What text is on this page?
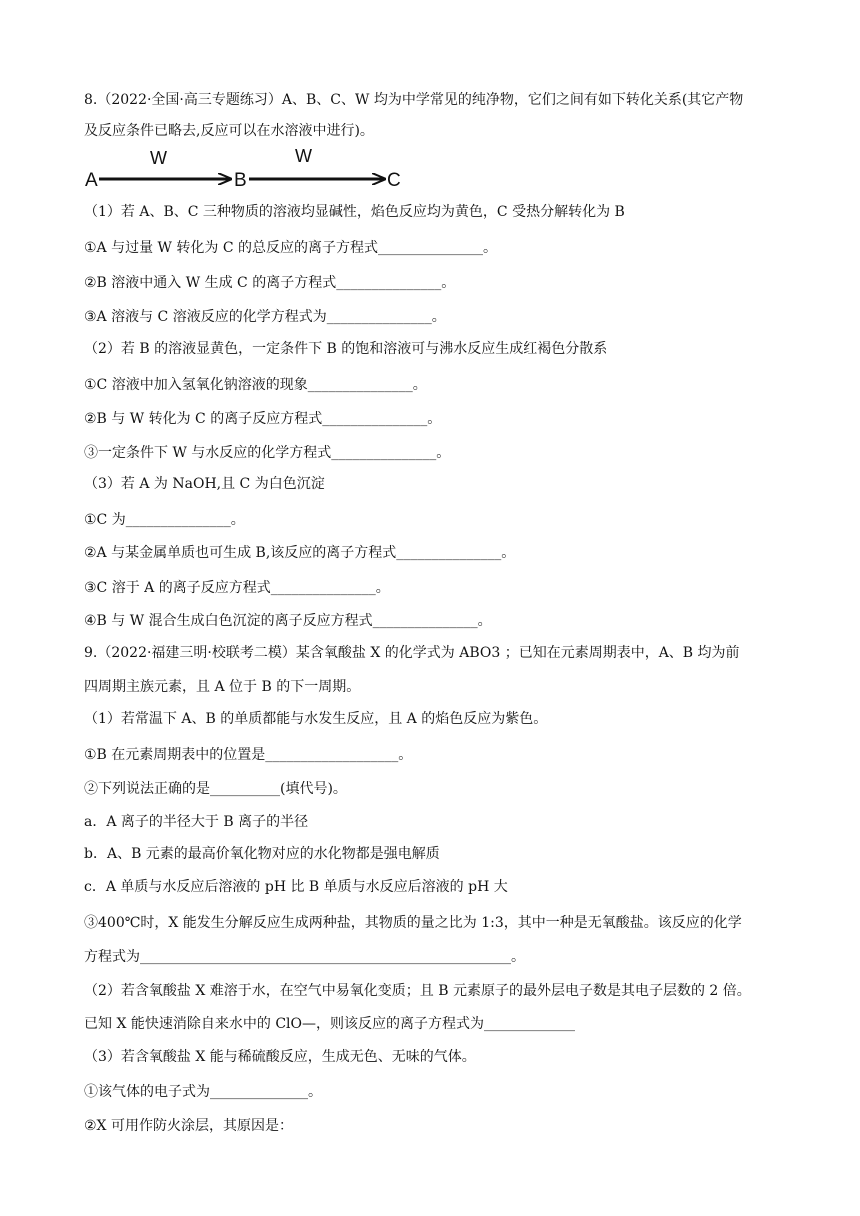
8.（2022·全国·高三专题练习）A、B、C、W 均为中学常见的纯净物，它们之间有如下转化关系(其它产物
及反应条件已略去,反应可以在水溶液中进行)。
A
W
B
W
C
（1）若 A、B、C 三种物质的溶液均显碱性，焰色反应均为黄色，C 受热分解转化为 B
①A 与过量 W 转化为 C 的总反应的离子方程式_______________。
②B 溶液中通入 W 生成 C 的离子方程式_______________。
③A 溶液与 C 溶液反应的化学方程式为_______________。
（2）若 B 的溶液显黄色，一定条件下 B 的饱和溶液可与沸水反应生成红褐色分散系
①C 溶液中加入氢氧化钠溶液的现象_______________。
②B 与 W 转化为 C 的离子反应方程式_______________。
③一定条件下 W 与水反应的化学方程式_______________。
（3）若 A 为 NaOH,且 C 为白色沉淀
①C 为_______________。
②A 与某金属单质也可生成 B,该反应的离子方程式_______________。
③C 溶于 A 的离子反应方程式_______________。
④B 与 W 混合生成白色沉淀的离子反应方程式_______________。
9.（2022·福建三明·校联考二模）某含氧酸盐 X 的化学式为 ABO3 ；已知在元素周期表中，A、B 均为前
四周期主族元素，且 A 位于 B 的下一周期。
（1）若常温下 A、B 的单质都能与水发生反应，且 A 的焰色反应为紫色。
①B 在元素周期表中的位置是___________________。
②下列说法正确的是__________(填代号)。
a．A 离子的半径大于 B 离子的半径
b．A、B 元素的最高价氧化物对应的水化物都是强电解质
c．A 单质与水反应后溶液的 pH 比 B 单质与水反应后溶液的 pH 大
③400℃时，X 能发生分解反应生成两种盐，其物质的量之比为 1:3，其中一种是无氧酸盐。该反应的化学
方程式为_____________________________________________________。
（2）若含氧酸盐 X 难溶于水，在空气中易氧化变质；且 B 元素原子的最外层电子数是其电子层数的 2 倍。
已知 X 能快速消除自来水中的 ClO—，则该反应的离子方程式为_____________
（3）若含氧酸盐 X 能与稀硫酸反应，生成无色、无味的气体。
①该气体的电子式为______________。
②X 可用作防火涂层，其原因是：
